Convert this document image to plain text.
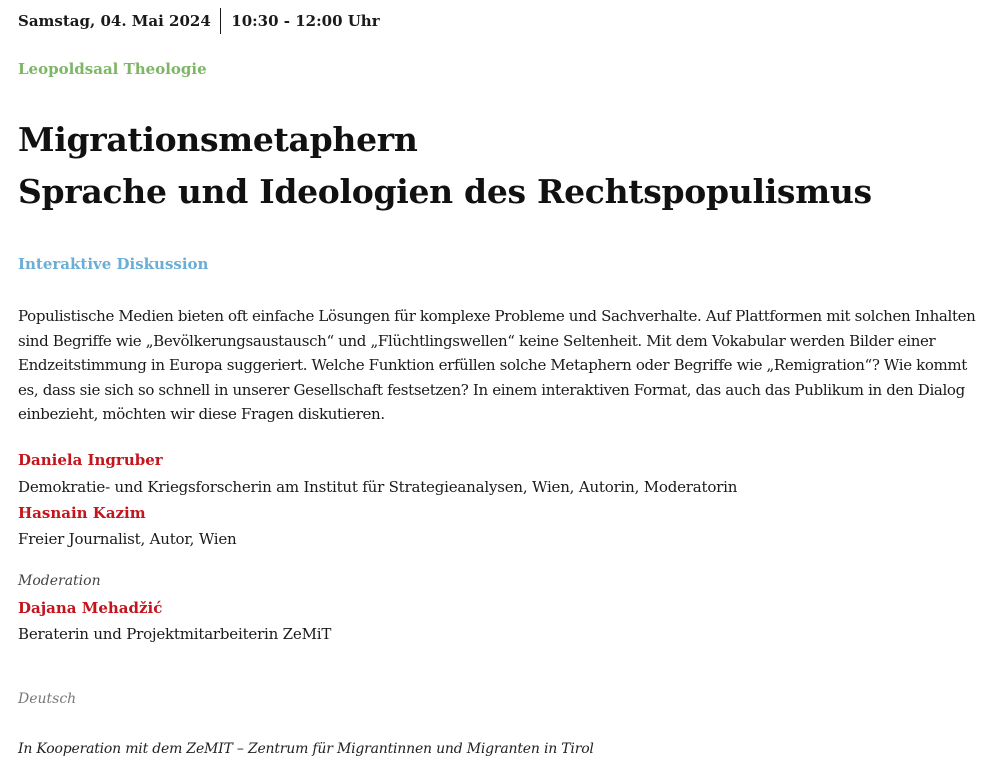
Samstag, 04. Mai 2024	10:30 - 12:00 Uhr
Leopoldsaal Theologie
Migrationsmetaphern
Sprache und Ideologien des Rechtspopulismus
Interaktive Diskussion

Populistische Medien bieten oft einfache Lösungen für komplexe Probleme und Sachverhalte. Auf Plattformen mit solchen Inhalten sind Begriffe wie „Bevölkerungsaustausch“ und „Flüchtlingswellen“ keine Seltenheit. Mit dem Vokabular werden Bilder einer Endzeitstimmung in Europa suggeriert. Welche Funktion erfüllen solche Metaphern oder Begriffe wie „Remigration“? Wie kommt es, dass sie sich so schnell in unserer Gesellschaft festsetzen? In einem interaktiven Format, das auch das Publikum in den Dialog einbezieht, möchten wir diese Fragen diskutieren.

Daniela Ingruber
Demokratie- und Kriegsforscherin am Institut für Strategieanalysen, Wien, Autorin, Moderatorin
Hasnain Kazim
Freier Journalist, Autor, Wien
Moderation
Dajana Mehadžić
Beraterin und Projektmitarbeiterin ZeMiT
Deutsch
In Kooperation mit dem ZeMIT – Zentrum für Migrantinnen und Migranten in Tirol
